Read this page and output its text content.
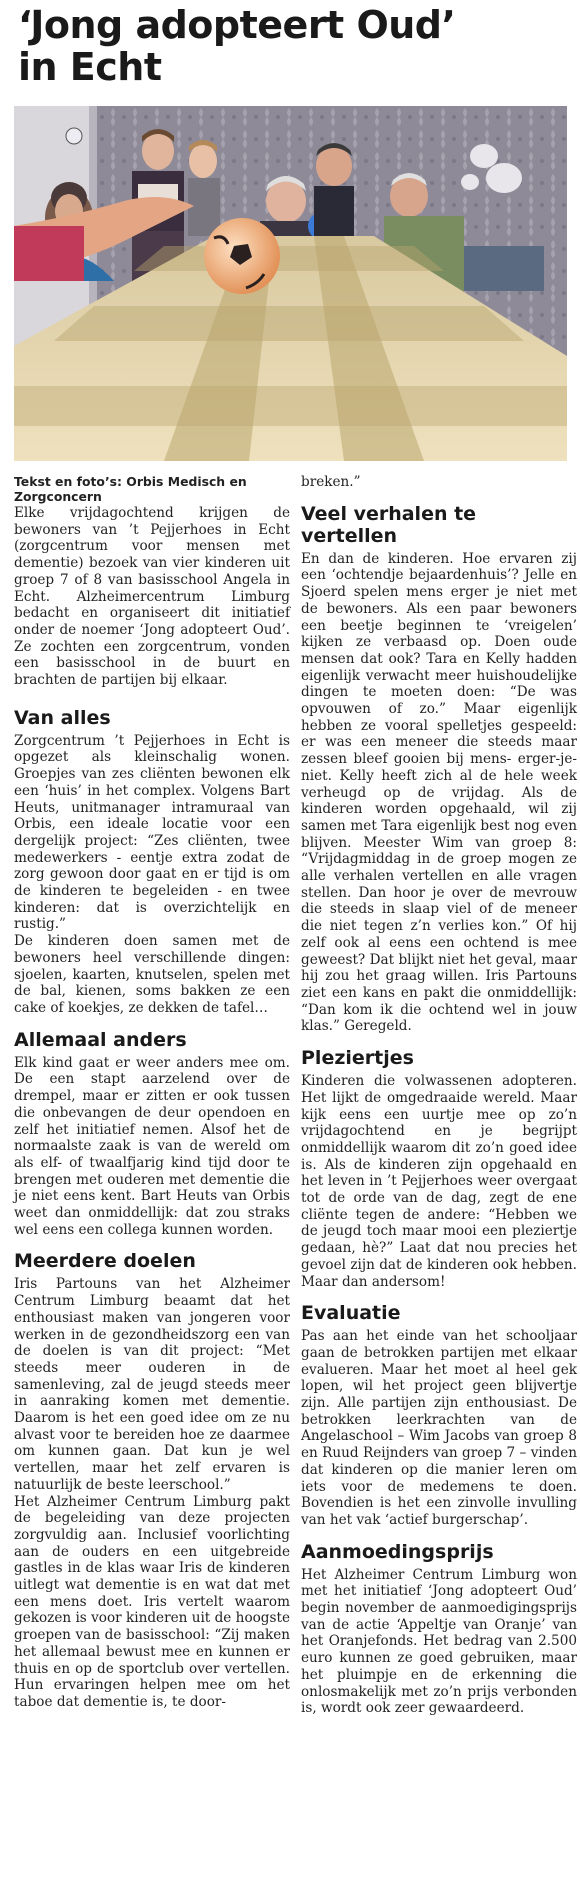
‘Jong adopteert Oud’
in Echt

Tekst en foto’s: Orbis Medisch en Zorgconcern

Elke vrijdagochtend krijgen de bewoners van ’t Pejjerhoes in Echt (zorgcentrum voor mensen met dementie) bezoek van vier kinderen uit groep 7 of 8 van basisschool Angela in Echt. Alzheimercentrum Limburg bedacht en organiseert dit initiatief onder de noemer ‘Jong adopteert Oud’. Ze zochten een zorgcentrum, vonden een basisschool in de buurt en brachten de partijen bij elkaar.

Van alles

Zorgcentrum ’t Pejjerhoes in Echt is opgezet als kleinschalig wonen. Groepjes van zes cliënten bewonen elk een ‘huis’ in het complex. Volgens Bart Heuts, unitmanager intramuraal van Orbis, een ideale locatie voor een dergelijk project: “Zes cliënten, twee medewerkers - eentje extra zodat de zorg gewoon door gaat en er tijd is om de kinderen te begeleiden - en twee kinderen: dat is overzichtelijk en rustig.”

De kinderen doen samen met de bewoners heel verschillende dingen: sjoelen, kaarten, knutselen, spelen met de bal, kienen, soms bakken ze een cake of koekjes, ze dekken de tafel…

Allemaal anders

Elk kind gaat er weer anders mee om. De een stapt aarzelend over de drempel, maar er zitten er ook tussen die onbevangen de deur opendoen en zelf het initiatief nemen. Alsof het de normaalste zaak is van de wereld om als elf- of twaalfjarig kind tijd door te brengen met ouderen met dementie die je niet eens kent. Bart Heuts van Orbis weet dan onmiddellijk: dat zou straks wel eens een collega kunnen worden.

Meerdere doelen

Iris Partouns van het Alzheimer Centrum Limburg beaamt dat het enthousiast maken van jongeren voor werken in de gezondheidszorg een van de doelen is van dit project: “Met steeds meer ouderen in de samenleving, zal de jeugd steeds meer in aanraking komen met dementie. Daarom is het een goed idee om ze nu alvast voor te bereiden hoe ze daarmee om kunnen gaan. Dat kun je wel vertellen, maar het zelf ervaren is natuurlijk de beste leerschool.”

Het Alzheimer Centrum Limburg pakt de begeleiding van deze projecten zorgvuldig aan. Inclusief voorlichting aan de ouders en een uitgebreide gastles in de klas waar Iris de kinderen uitlegt wat dementie is en wat dat met een mens doet. Iris vertelt waarom gekozen is voor kinderen uit de hoogste groepen van de basisschool: “Zij maken het allemaal bewust mee en kunnen er thuis en op de sportclub over vertellen. Hun ervaringen helpen mee om het taboe dat dementie is, te door-

breken.”

Veel verhalen te vertellen

En dan de kinderen. Hoe ervaren zij een ‘ochtendje bejaardenhuis’? Jelle en Sjoerd spelen mens erger je niet met de bewoners. Als een paar bewoners een beetje beginnen te ‘vreigelen’ kijken ze verbaasd op. Doen oude mensen dat ook? Tara en Kelly hadden eigenlijk verwacht meer huishoudelijke dingen te moeten doen: “De was opvouwen of zo.” Maar eigenlijk hebben ze vooral spelletjes gespeeld: er was een meneer die steeds maar zessen bleef gooien bij mens- erger-je-niet. Kelly heeft zich al de hele week verheugd op de vrijdag. Als de kinderen worden opgehaald, wil zij samen met Tara eigenlijk best nog even blijven. Meester Wim van groep 8: “Vrijdagmiddag in de groep mogen ze alle verhalen vertellen en alle vragen stellen. Dan hoor je over de mevrouw die steeds in slaap viel of de meneer die niet tegen z’n verlies kon.” Of hij zelf ook al eens een ochtend is mee geweest? Dat blijkt niet het geval, maar hij zou het graag willen. Iris Partouns ziet een kans en pakt die onmiddellijk: “Dan kom ik die ochtend wel in jouw klas.” Geregeld.

Pleziertjes

Kinderen die volwassenen adopteren. Het lijkt de omgedraaide wereld. Maar kijk eens een uurtje mee op zo’n vrijdagochtend en je begrijpt onmiddellijk waarom dit zo’n goed idee is. Als de kinderen zijn opgehaald en het leven in ’t Pejjerhoes weer overgaat tot de orde van de dag, zegt de ene cliënte tegen de andere: “Hebben we de jeugd toch maar mooi een pleziertje gedaan, hè?” Laat dat nou precies het gevoel zijn dat de kinderen ook hebben. Maar dan andersom!

Evaluatie

Pas aan het einde van het schooljaar gaan de betrokken partijen met elkaar evalueren. Maar het moet al heel gek lopen, wil het project geen blijvertje zijn. Alle partijen zijn enthousiast. De betrokken leerkrachten van de Angelaschool – Wim Jacobs van groep 8 en Ruud Reijnders van groep 7 – vinden dat kinderen op die manier leren om iets voor de medemens te doen. Bovendien is het een zinvolle invulling van het vak ‘actief burgerschap’.

Aanmoedingsprijs

Het Alzheimer Centrum Limburg won met het initiatief ‘Jong adopteert Oud’ begin november de aanmoedigingsprijs van de actie ‘Appeltje van Oranje’ van het Oranjefonds. Het bedrag van 2.500 euro kunnen ze goed gebruiken, maar het pluimpje en de erkenning die onlosmakelijk met zo’n prijs verbonden is, wordt ook zeer gewaardeerd.
